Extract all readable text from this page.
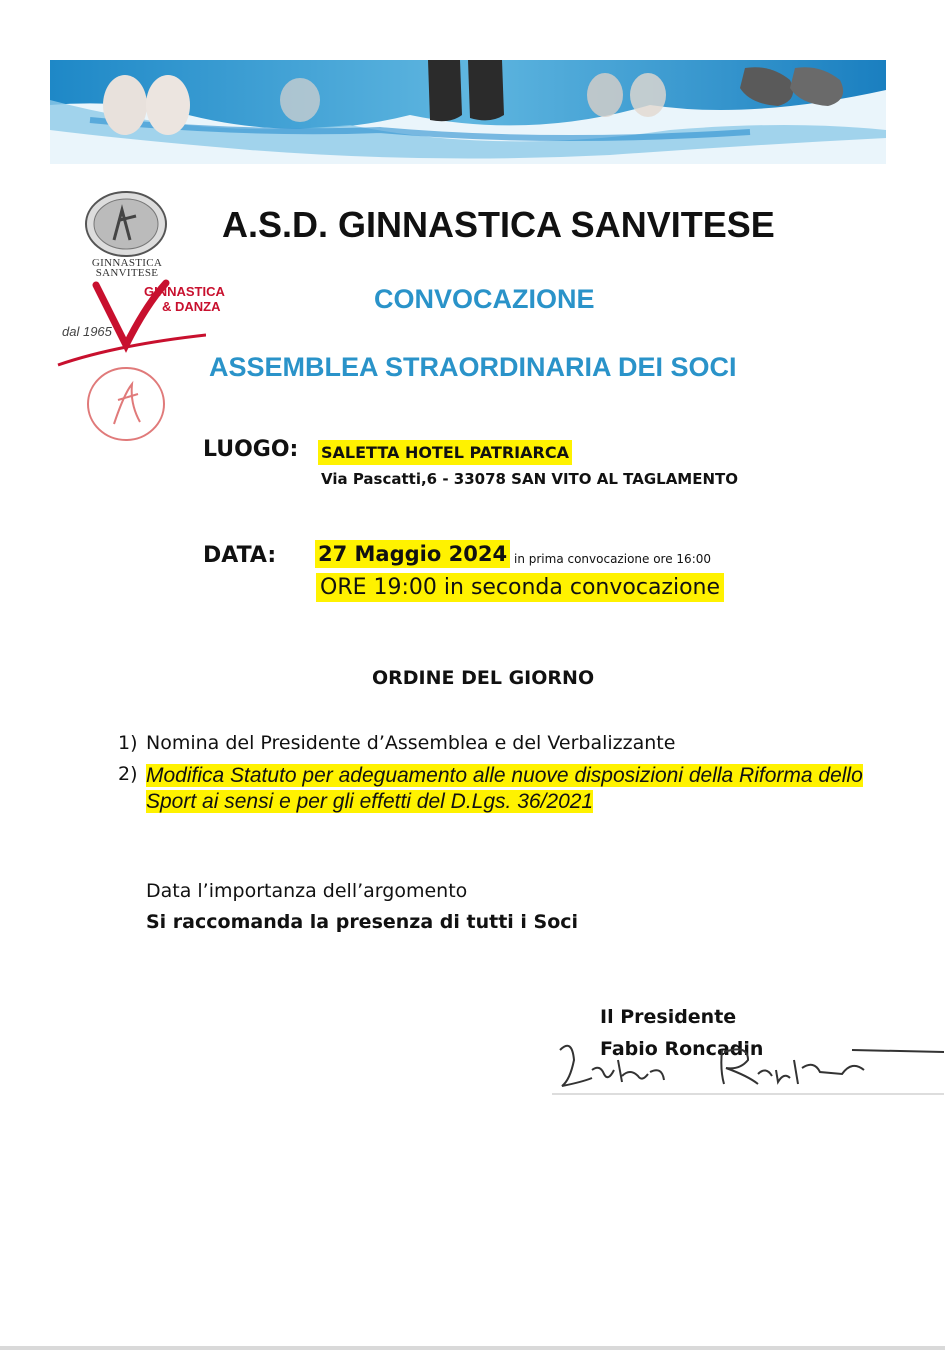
GINNASTICA SANVITESE
GINNASTICA
& DANZA
dal 1965
A.S.D. GINNASTICA SANVITESE
CONVOCAZIONE
ASSEMBLEA STRAORDINARIA DEI SOCI
LUOGO: SALETTA HOTEL PATRIARCA
Via Pascatti,6 - 33078 SAN VITO AL TAGLAMENTO
DATA: 27 Maggio 2024 in prima convocazione ore 16:00
ORE 19:00 in seconda convocazione
ORDINE DEL GIORNO
1) Nomina del Presidente d’Assemblea e del Verbalizzante
2) Modifica Statuto per adeguamento alle nuove disposizioni della Riforma dello Sport ai sensi e per gli effetti del D.Lgs. 36/2021
Data l’importanza dell’argomento
Si raccomanda la presenza di tutti i Soci
Il Presidente
Fabio Roncadin
